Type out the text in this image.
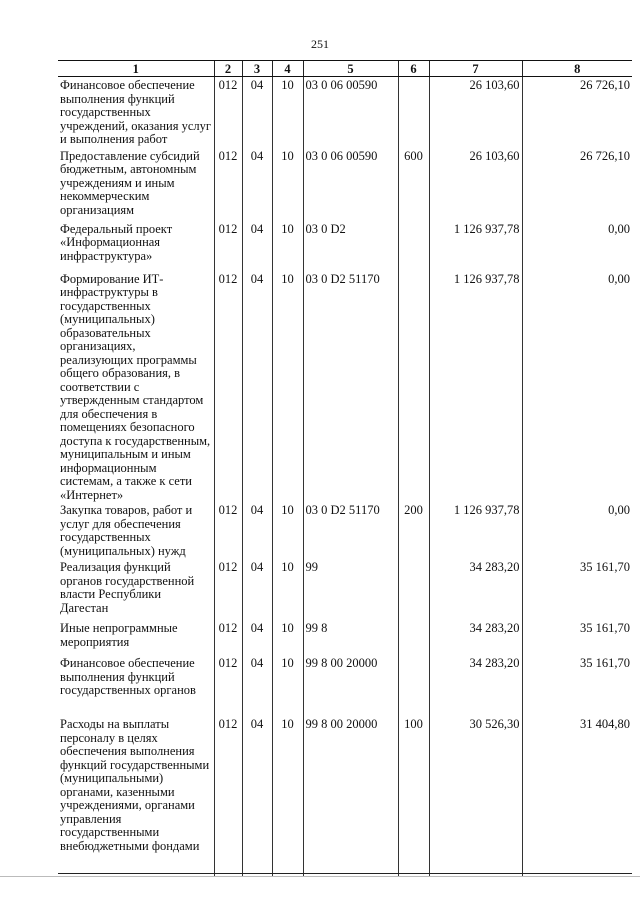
251
1	2	3	4	5	6	7	8
Финансовое обеспечение выполнения функций государственных учреждений, оказания услуг и выполнения работ	012	04	10	03 0 06 00590		26 103,60	26 726,10
Предоставление субсидий бюджетным, автономным учреждениям и иным некоммерческим организациям	012	04	10	03 0 06 00590	600	26 103,60	26 726,10
Федеральный проект «Информационная инфраструктура»	012	04	10	03 0 D2		1 126 937,78	0,00
Формирование ИТ-инфраструктуры в государственных (муниципальных) образовательных организациях, реализующих программы общего образования, в соответствии с утвержденным стандартом для обеспечения в помещениях безопасного доступа к государственным, муниципальным и иным информационным системам, а также к сети «Интернет»	012	04	10	03 0 D2 51170		1 126 937,78	0,00
Закупка товаров, работ и услуг для обеспечения государственных (муниципальных) нужд	012	04	10	03 0 D2 51170	200	1 126 937,78	0,00
Реализация функций органов государственной власти Республики Дагестан	012	04	10	99		34 283,20	35 161,70
Иные непрограммные мероприятия	012	04	10	99 8		34 283,20	35 161,70
Финансовое обеспечение выполнения функций государственных органов	012	04	10	99 8 00 20000		34 283,20	35 161,70
Расходы на выплаты персоналу в целях обеспечения выполнения функций государственными (муниципальными) органами, казенными учреждениями, органами управления государственными внебюджетными фондами	012	04	10	99 8 00 20000	100	30 526,30	31 404,80
